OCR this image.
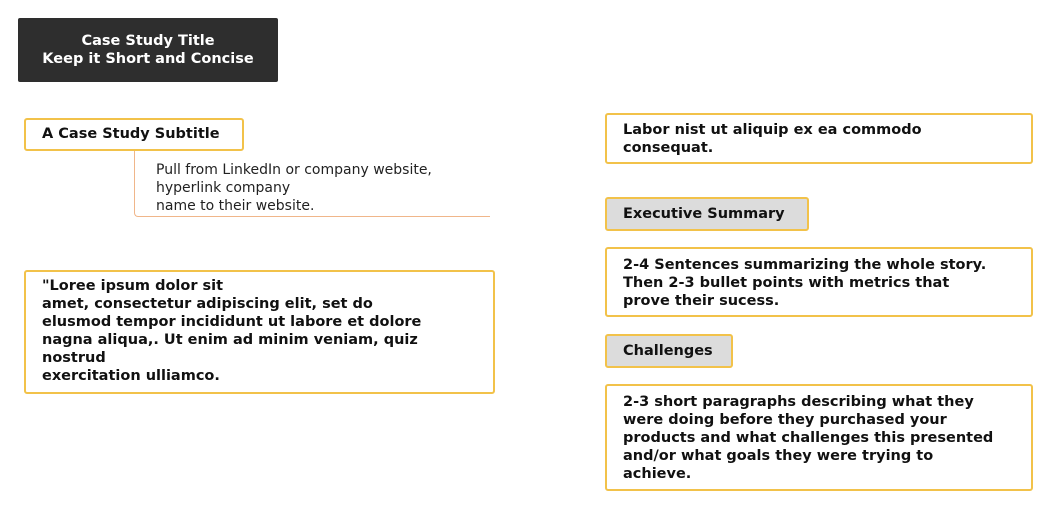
Case Study Title
Keep it Short and Concise
A Case Study Subtitle
Pull from LinkedIn or company website,
hyperlink company
name to their website.
"Loree ipsum dolor sit
amet, consectetur adipiscing elit, set do
elusmod tempor incididunt ut labore et dolore
nagna aliqua,. Ut enim ad minim veniam, quiz
nostrud
exercitation ulliamco.
Labor nist ut aliquip ex ea commodo
consequat.
Executive Summary
2-4 Sentences summarizing the whole story.
Then 2-3 bullet points with metrics that
prove their sucess.
Challenges
2-3 short paragraphs describing what they
were doing before they purchased your
products and what challenges this presented
and/or what goals they were trying to
achieve.
